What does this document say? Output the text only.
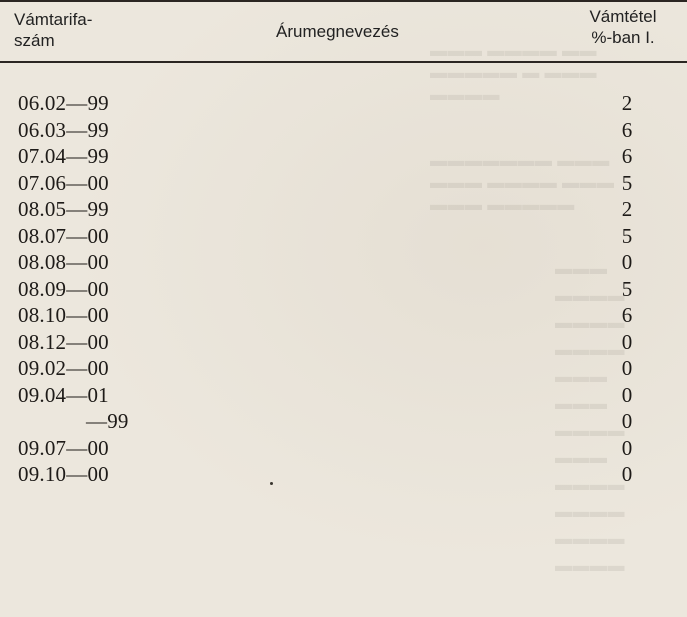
▬▬▬ ▬▬▬▬ ▬▬
▬▬▬▬▬ ▬ ▬▬▬
▬▬▬▬
▬▬▬▬▬▬▬ ▬▬▬
▬▬▬ ▬▬▬▬ ▬▬▬
▬▬▬ ▬▬▬▬▬
▬▬▬
▬▬▬▬
▬▬▬▬
▬▬▬▬
▬▬▬
▬▬▬
▬▬▬▬
▬▬▬
▬▬▬▬
▬▬▬▬
▬▬▬▬
▬▬▬▬
Vámtarifa-
szám	Árumegnevezés
Vámtétel
%-ban I.
06.02—99	2
06.03—99	6
07.04—99	6
07.06—00	5
08.05—99	2
08.07—00	5
08.08—00	0
08.09—00	5
08.10—00	6
08.12—00	0
09.02—00	0
09.04—01	0
—99	0
09.07—00	0
09.10—00	0
